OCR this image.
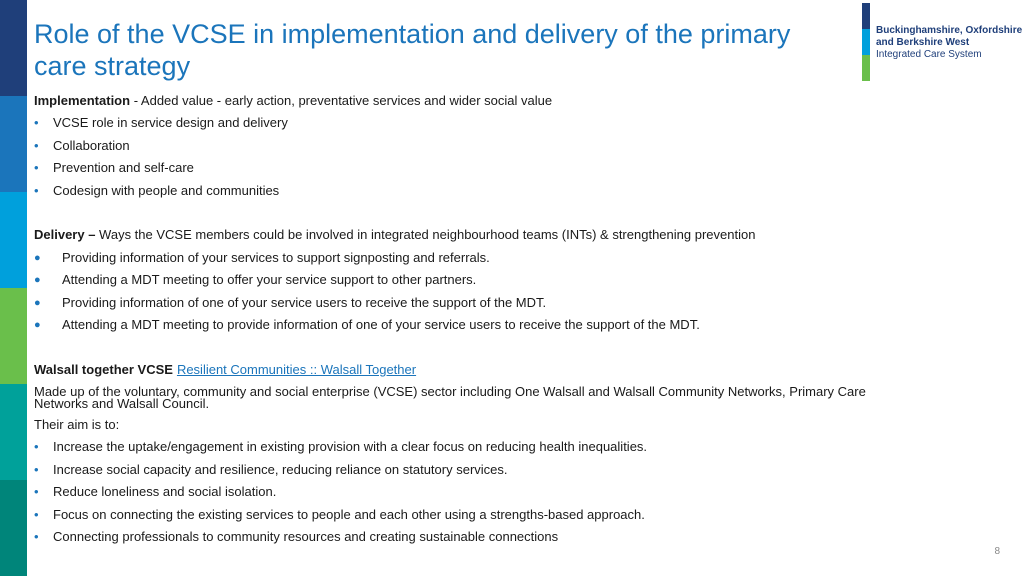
Role of the VCSE in implementation and delivery of the primary care strategy
Buckinghamshire, Oxfordshire
and Berkshire West
Integrated Care System
Implementation - Added value - early action, preventative services and wider social value
•	VCSE role in service design and delivery
•	Collaboration
•	Prevention and self-care
•	Codesign with people and communities
Delivery – Ways the VCSE members could be involved in integrated neighbourhood teams (INTs) & strengthening prevention
●	Providing information of your services to support signposting and referrals.
●	Attending a MDT meeting to offer your service support to other partners.
●	Providing information of one of your service users to receive the support of the MDT.
●	Attending a MDT meeting to provide information of one of your service users to receive the support of the MDT.
Walsall together VCSE Resilient Communities :: Walsall Together
Made up of the voluntary, community and social enterprise (VCSE) sector including One Walsall and Walsall Community Networks, Primary Care
Networks and Walsall Council.
Their aim is to:
•	Increase the uptake/engagement in existing provision with a clear focus on reducing health inequalities.
•	Increase social capacity and resilience, reducing reliance on statutory services.
•	Reduce loneliness and social isolation.
•	Focus on connecting the existing services to people and each other using a strengths-based approach.
•	Connecting professionals to community resources and creating sustainable connections
8
